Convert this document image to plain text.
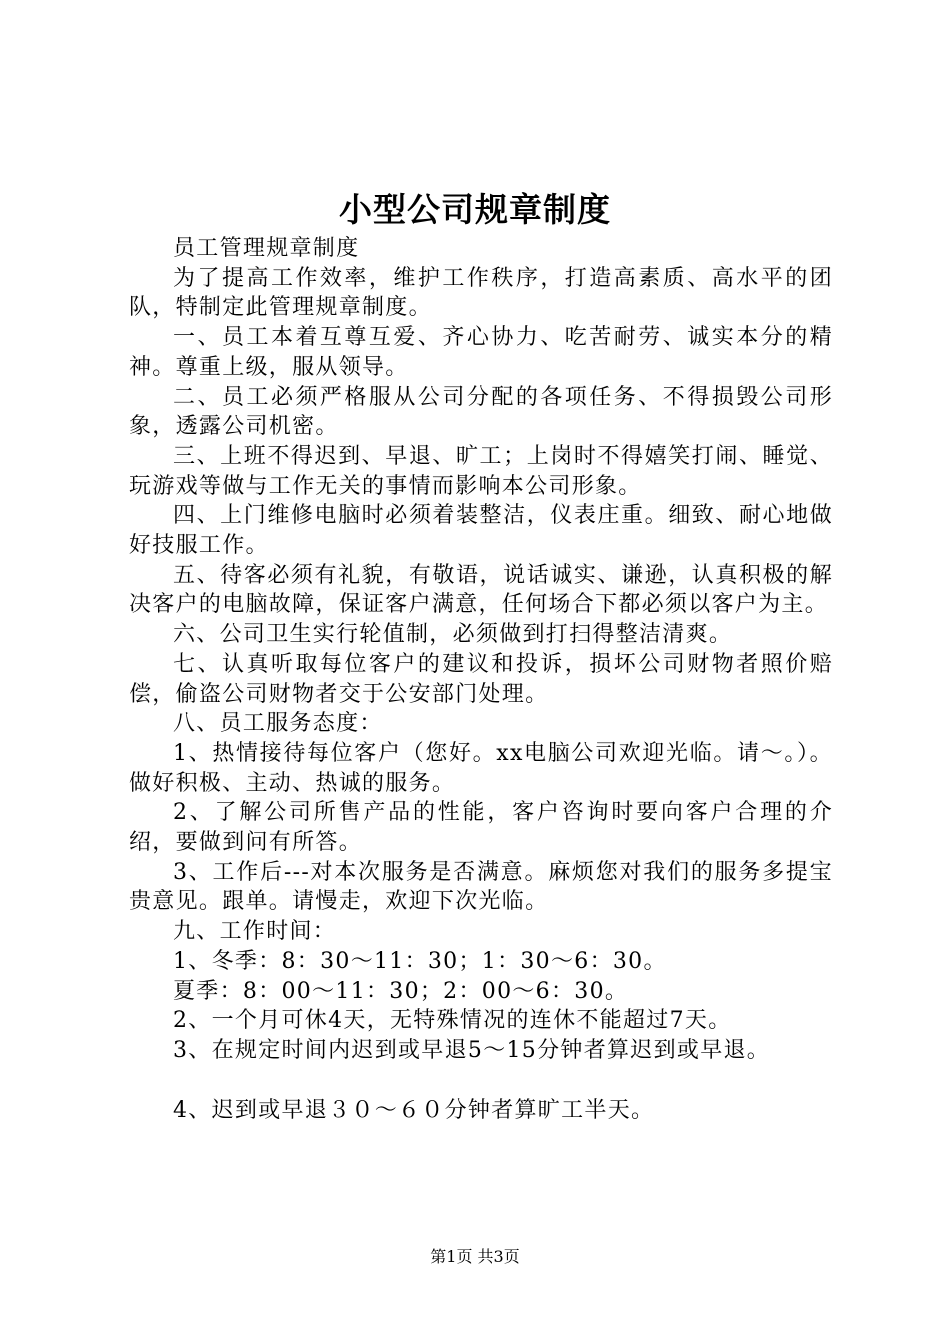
小型公司规章制度

员工管理规章制度

为了提高工作效率，维护工作秩序，打造高素质、高水平的团队，特制定此管理规章制度。

一、员工本着互尊互爱、齐心协力、吃苦耐劳、诚实本分的精神。尊重上级，服从领导。

二、员工必须严格服从公司分配的各项任务、不得损毁公司形象，透露公司机密。

三、上班不得迟到、早退、旷工；上岗时不得嬉笑打闹、睡觉、玩游戏等做与工作无关的事情而影响本公司形象。

四、上门维修电脑时必须着装整洁，仪表庄重。细致、耐心地做好技服工作。

五、待客必须有礼貌，有敬语，说话诚实、谦逊，认真积极的解决客户的电脑故障，保证客户满意，任何场合下都必须以客户为主。

六、公司卫生实行轮值制，必须做到打扫得整洁清爽。

七、认真听取每位客户的建议和投诉，损坏公司财物者照价赔偿，偷盗公司财物者交于公安部门处理。

八、员工服务态度：

1、热情接待每位客户（您好。xx电脑公司欢迎光临。请～。）。做好积极、主动、热诚的服务。

2、了解公司所售产品的性能，客户咨询时要向客户合理的介绍，要做到问有所答。

3、工作后---对本次服务是否满意。麻烦您对我们的服务多提宝贵意见。跟单。请慢走，欢迎下次光临。

九、工作时间：

1、冬季：8：30～11：30；1：30～6：30。

夏季：8：00～11：30；2：00～6：30。

2、一个月可休4天，无特殊情况的连休不能超过7天。

3、在规定时间内迟到或早退5～15分钟者算迟到或早退。

4、迟到或早退３０～６０分钟者算旷工半天。

第1页 共3页
